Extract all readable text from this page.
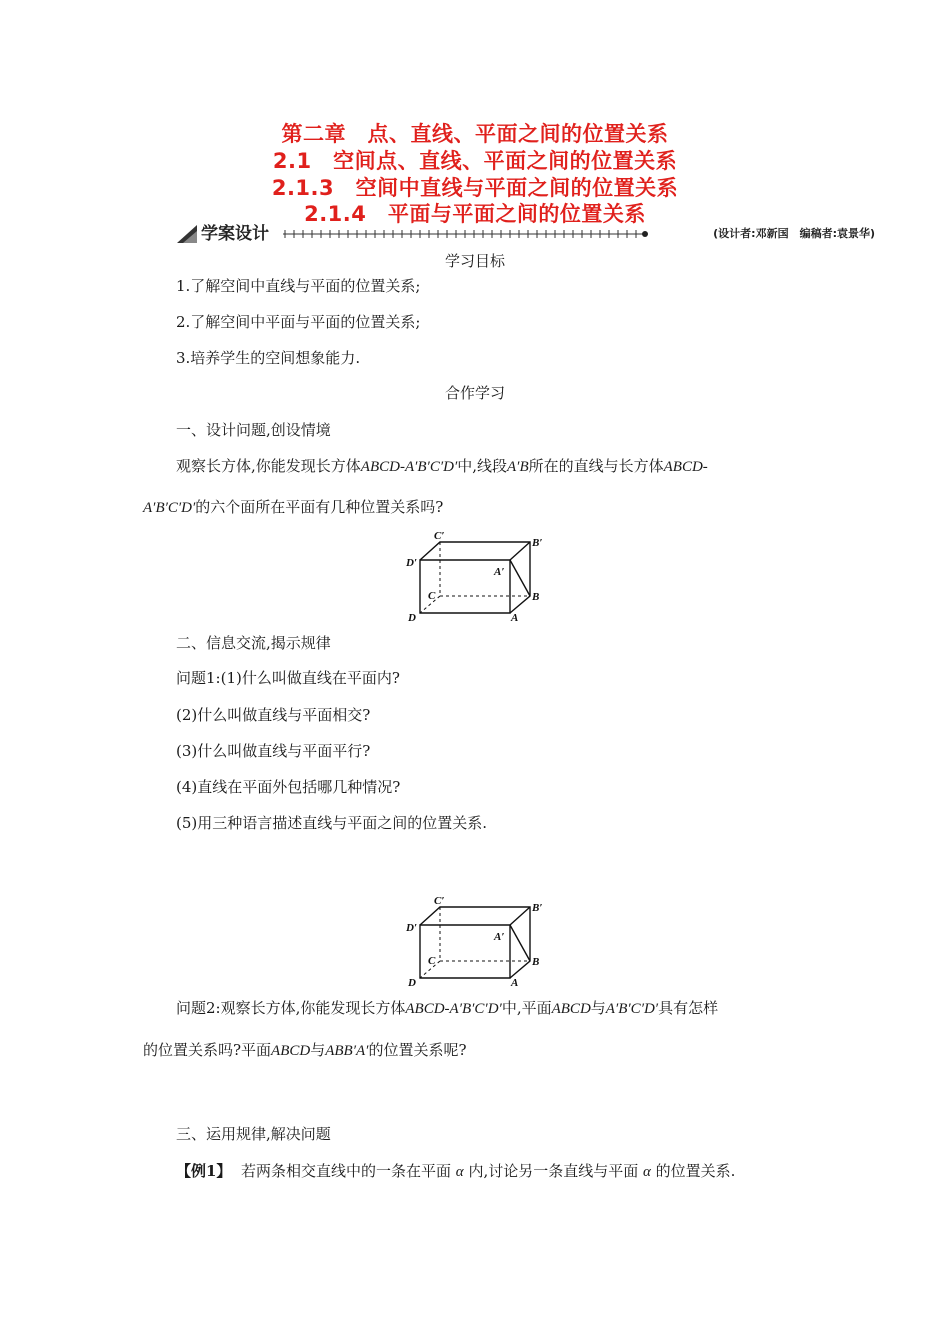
第二章　点、直线、平面之间的位置关系
2.1　空间点、直线、平面之间的位置关系
2.1.3　空间中直线与平面之间的位置关系
2.1.4　平面与平面之间的位置关系
学案设计	(设计者:邓新国　编稿者:袁景华)
学习目标
1.了解空间中直线与平面的位置关系;
2.了解空间中平面与平面的位置关系;
3.培养学生的空间想象能力.
合作学习
一、设计问题,创设情境
观察长方体,你能发现长方体ABCD-A′B′C′D′中,线段A′B所在的直线与长方体ABCD-
A′B′C′D′的六个面所在平面有几种位置关系吗?
C′
B′
D′
A′
C	B
D	A
二、信息交流,揭示规律
问题1:(1)什么叫做直线在平面内?
(2)什么叫做直线与平面相交?
(3)什么叫做直线与平面平行?
(4)直线在平面外包括哪几种情况?
(5)用三种语言描述直线与平面之间的位置关系.
C′
B′
D′
A′
C	B
D	A
问题2:观察长方体,你能发现长方体ABCD-A′B′C′D′中,平面ABCD与A′B′C′D′具有怎样
的位置关系吗?平面ABCD与ABB′A′的位置关系呢?
三、运用规律,解决问题
【例1】 若两条相交直线中的一条在平面 α 内,讨论另一条直线与平面 α 的位置关系.
